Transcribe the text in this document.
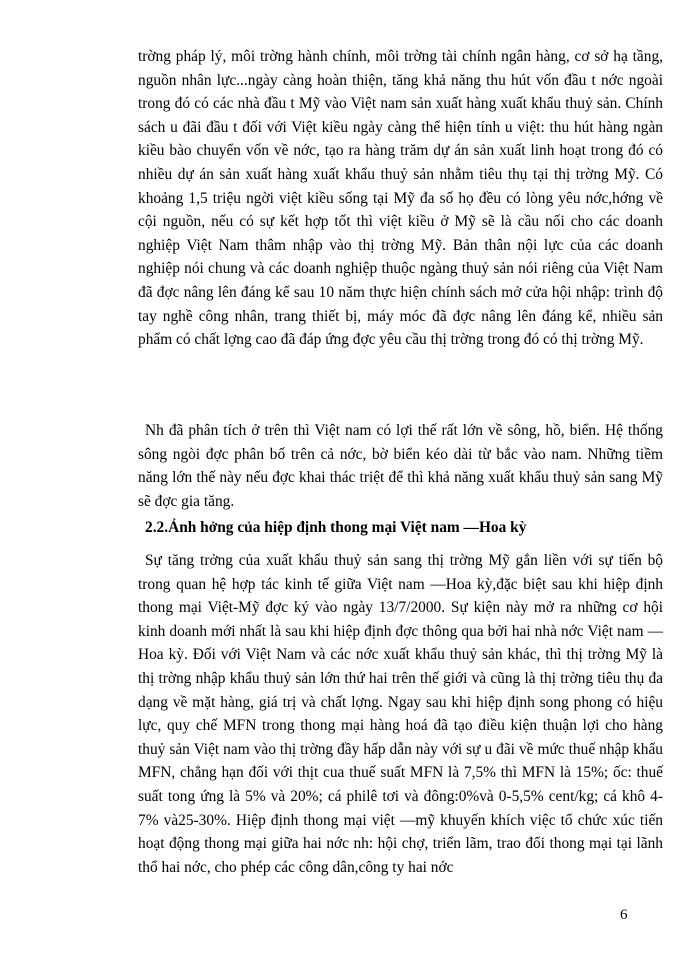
trờng pháp lý, môi trờng hành chính, môi trờng tài chính ngân hàng, cơ sở hạ tầng, nguồn nhân lực...ngày càng hoàn thiện, tăng khả năng thu hút vốn đầu t nớc ngoài trong đó có các nhà đầu t Mỹ vào Việt nam sản xuất hàng xuất khẩu thuỷ sản. Chính sách u đãi đầu t đối với Việt kiều ngày càng thể hiện tính u việt: thu hút hàng ngàn kiều bào chuyển vốn về nớc, tạo ra hàng trăm dự án sản xuất linh hoạt trong đó có nhiều dự án sản xuất hàng xuất khẩu thuỷ sản nhằm tiêu thụ tại thị trờng Mỹ. Có khoảng 1,5 triệu ngời việt kiều sống tại Mỹ đa số họ đều có lòng yêu nớc,hớng về cội nguồn, nếu có sự kết hợp tốt thì việt kiều ở Mỹ sẽ là cầu nối cho các doanh nghiệp Việt Nam thâm nhập vào thị trờng Mỹ. Bản thân nội lực của các doanh nghiệp nói chung và các doanh nghiệp thuộc ngàng thuỷ sản nói riêng của Việt Nam đã đợc nâng lên đáng kể sau 10 năm thực hiện chính sách mở cửa hội nhập: trình độ tay nghề công nhân, trang thiết bị, máy móc đã đợc nâng lên đáng kể, nhiều sản phẩm có chất lợng cao đã đáp ứng đợc yêu cầu thị trờng trong đó có thị trờng Mỹ.

Nh đã phân tích ở trên thì Việt nam có lợi thế rất lớn về sông, hồ, biển. Hệ thống sông ngòi đợc phân bố trên cả nớc, bờ biển kéo dài từ bắc vào nam. Những tiềm năng lớn thế này nếu đợc khai thác triệt để thì khả năng xuất khẩu thuỷ sản sang Mỹ sẽ đợc gia tăng.

2.2.Ảnh hởng của hiệp định thong mại Việt nam —Hoa kỳ

Sự tăng trởng của xuất khẩu thuỷ sản sang thị trờng Mỹ gắn liền với sự tiến bộ trong quan hệ hợp tác kinh tế giữa Việt nam —Hoa kỳ,đặc biệt sau khi hiệp định thong mại Việt-Mỹ đợc ký vào ngày 13/7/2000. Sự kiện này mở ra những cơ hội kinh doanh mới nhất là sau khi hiệp định đợc thông qua bởi hai nhà nớc Việt nam —Hoa kỳ. Đối với Việt Nam và các nớc xuất khẩu thuỷ sản khác, thì thị trờng Mỹ là thị trờng nhập khẩu thuỷ sản lớn thứ hai trên thế giới và cũng là thị trờng tiêu thụ đa dạng về mặt hàng, giá trị và chất lợng. Ngay sau khi hiệp định song phong có hiệu lực, quy chế MFN trong thong mại hàng hoá đã tạo điều kiện thuận lợi cho hàng thuỷ sản Việt nam vào thị trờng đầy hấp dẫn này với sự u đãi về mức thuế nhập khẩu MFN, chẳng hạn đối với thịt cua thuế suất MFN là 7,5% thì MFN là 15%; ốc: thuế suất tong ứng là 5% và 20%; cá philê tơi và đông:0%và 0-5,5% cent/kg; cá khô 4-7% và25-30%. Hiệp định thong mại việt —mỹ khuyến khích việc tổ chức xúc tiến hoạt động thong mại giữa hai nớc nh: hội chợ, triển lãm, trao đổi thong mại tại lãnh thổ hai nớc, cho phép các công dân,công ty hai nớc

6
